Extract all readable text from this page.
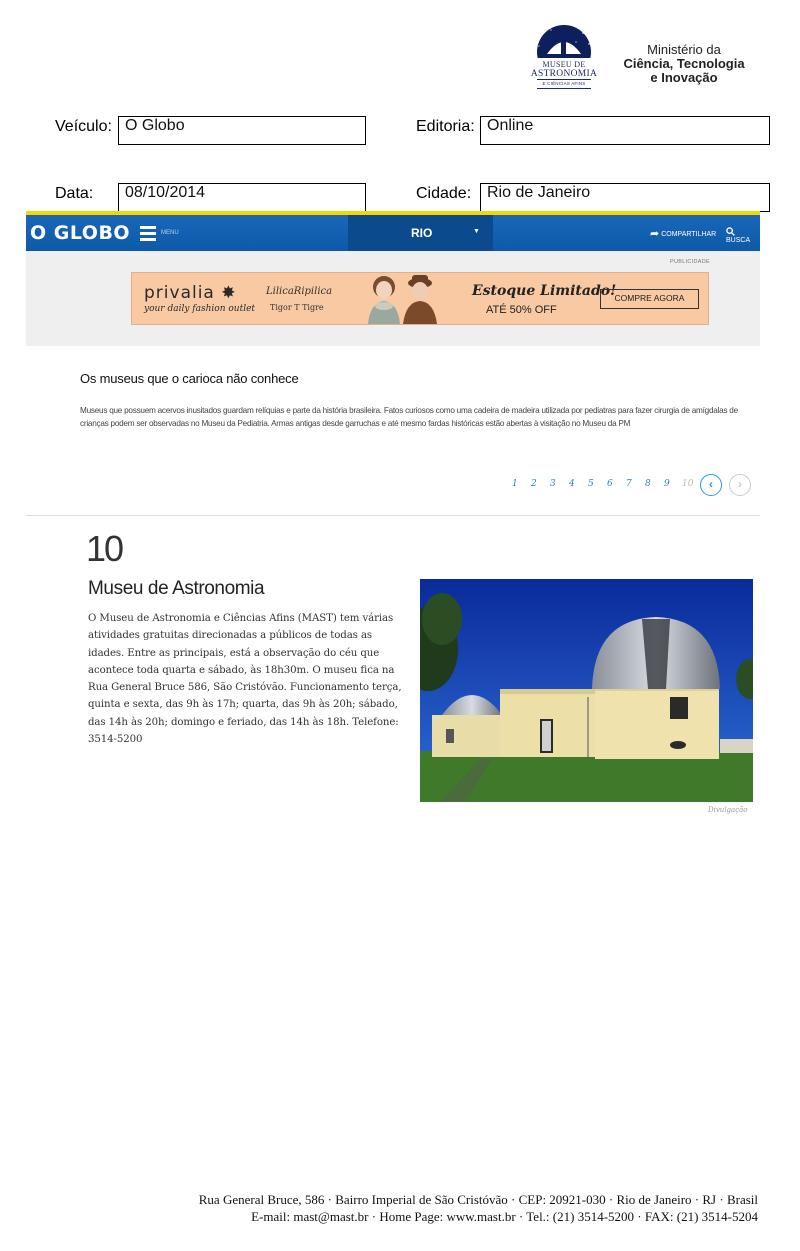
MUSEU DE
ASTRONOMIA
E CIÊNCIAS AFINS
Ministério da
Ciência, Tecnologia
e Inovação
Veículo: O Globo	Editoria: Online
Data:	08/10/2014	Cidade: Rio de Janeiro
O GLOBO	MENU	RIO	▼	➦ COMPARTILHAR
BUSCA
PUBLICIDADE
privalia ✸
your daily fashion outlet
LilicaRipilica
Tigor T Tigre
Estoque Limitado!
ATÉ 50% OFF
COMPRE AGORA
Os museus que o carioca não conhece
Museus que possuem acervos inusitados guardam relíquias e parte da história brasileira. Fatos curiosos como uma cadeira de madeira utilizada por pediatras para fazer cirurgia de amígdalas de crianças podem ser observadas no Museu da Pediatria. Armas antigas desde garruchas e até mesmo fardas históricas estão abertas à visitação no Museu da PM
1 2 3 4 5 6 7 8 9 10	‹	›
10
Museu de Astronomia
O Museu de Astronomia e Ciências Afins (MAST) tem várias atividades gratuitas direcionadas a públicos de todas as idades. Entre as principais, está a observação do céu que acontece toda quarta e sábado, às 18h30m. O museu fica na Rua General Bruce 586, São Cristóvão. Funcionamento terça, quinta e sexta, das 9h às 17h; quarta, das 9h às 20h; sábado, das 14h às 20h; domingo e feriado, das 14h às 18h. Telefone: 3514-5200
Divulgação
Rua General Bruce, 586 · Bairro Imperial de São Cristóvão · CEP: 20921-030 · Rio de Janeiro · RJ · Brasil
E-mail: mast@mast.br · Home Page: www.mast.br · Tel.: (21) 3514-5200 · FAX: (21) 3514-5204
